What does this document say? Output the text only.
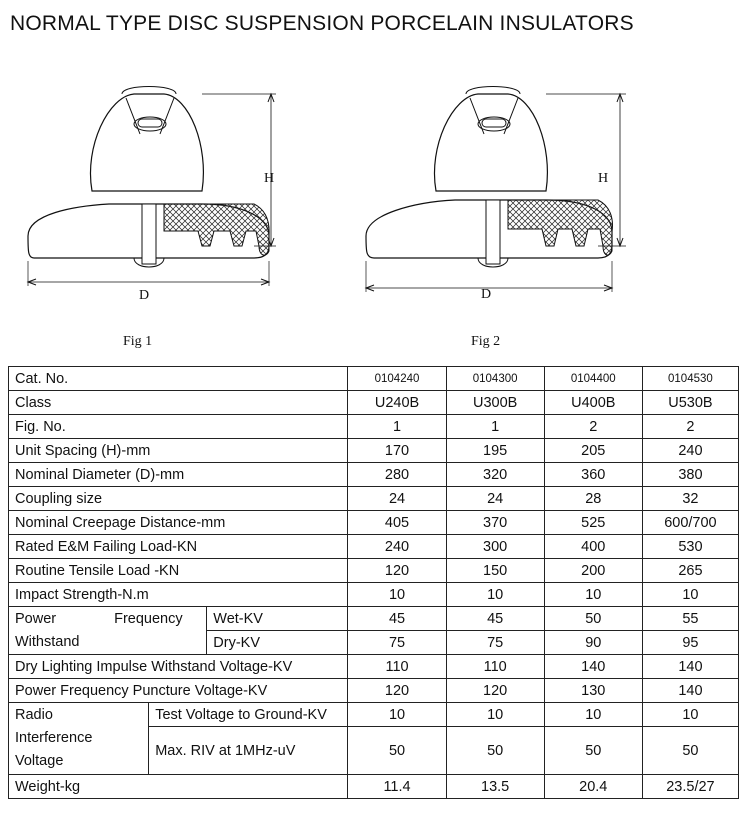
NORMAL TYPE DISC SUSPENSION PORCELAIN INSULATORS
H
D
Fig 1
H
D
Fig 2
Cat. No.			0104240	0104300	0104400	0104530
Class			U240B	U300B	U400B	U530B
Fig. No.			1	1	2	2
Unit Spacing (H)-mm			170	195	205	240
Nominal Diameter (D)-mm			280	320	360	380
Coupling size			24	24	28	32
Nominal Creepage Distance-mm			405	370	525	600/700
Rated E&M Failing Load-KN			240	300	400	530
Routine Tensile Load -KN			120	150	200	265
Impact Strength-N.m			10	10	10	10
Power Frequency		Wet-KV	45	45	50	55
Withstand		Dry-KV	75	75	90	95
Dry Lighting Impulse Withstand Voltage-KV			110	110	140	140
Power Frequency Puncture Voltage-KV			120	120	130	140
Radio	Test Voltage to Ground-KV		10	10	10	10

Interference
Voltage	Max. RIV at 1MHz-uV		50	50	50	50
Weight-kg			11.4	13.5	20.4	23.5/27
